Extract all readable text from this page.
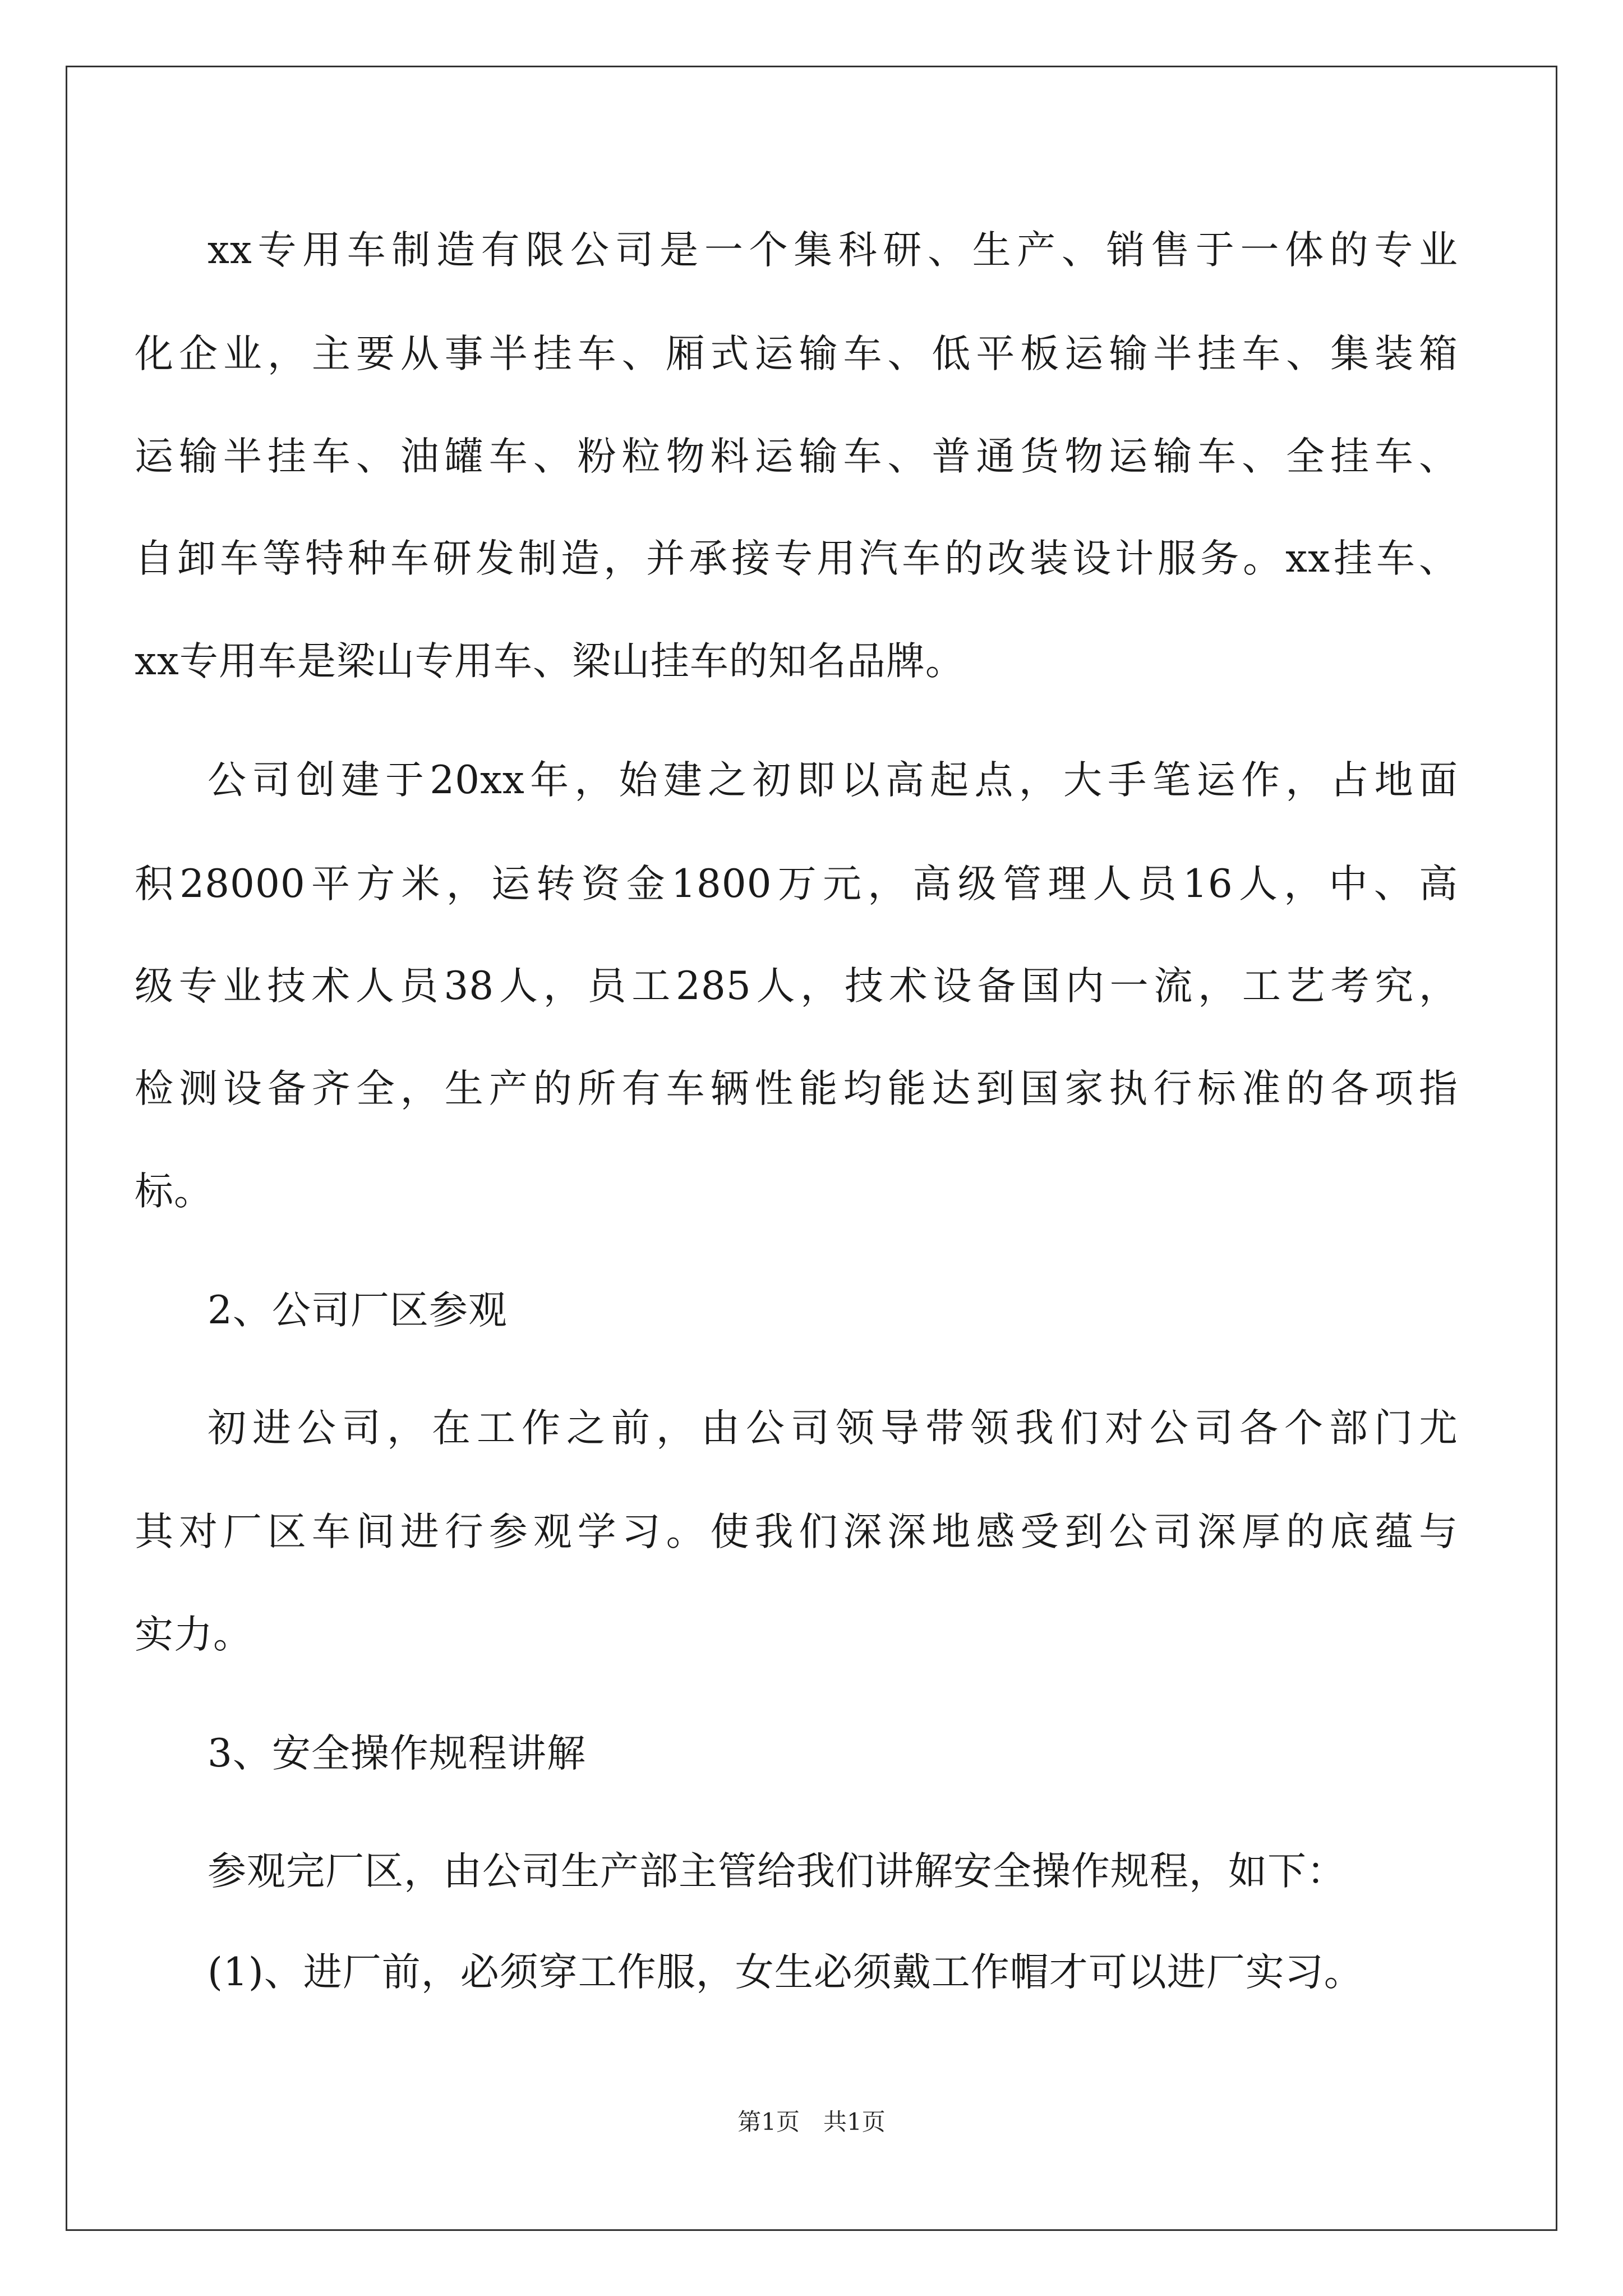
xx专用车制造有限公司是一个集科研、生产、销售于一体的专业
化企业，主要从事半挂车、厢式运输车、低平板运输半挂车、集装箱
运输半挂车、油罐车、粉粒物料运输车、普通货物运输车、全挂车、
自卸车等特种车研发制造，并承接专用汽车的改装设计服务。xx挂车、
xx专用车是梁山专用车、梁山挂车的知名品牌。
公司创建于20xx年，始建之初即以高起点，大手笔运作，占地面
积28000平方米，运转资金1800万元，高级管理人员16人，中、高
级专业技术人员38人，员工285人，技术设备国内一流，工艺考究，
检测设备齐全，生产的所有车辆性能均能达到国家执行标准的各项指
标。
2、公司厂区参观
初进公司，在工作之前，由公司领导带领我们对公司各个部门尤
其对厂区车间进行参观学习。使我们深深地感受到公司深厚的底蕴与
实力。
3、安全操作规程讲解
参观完厂区，由公司生产部主管给我们讲解安全操作规程，如下：
(1)、进厂前，必须穿工作服，女生必须戴工作帽才可以进厂实习。
第1页　共1页
